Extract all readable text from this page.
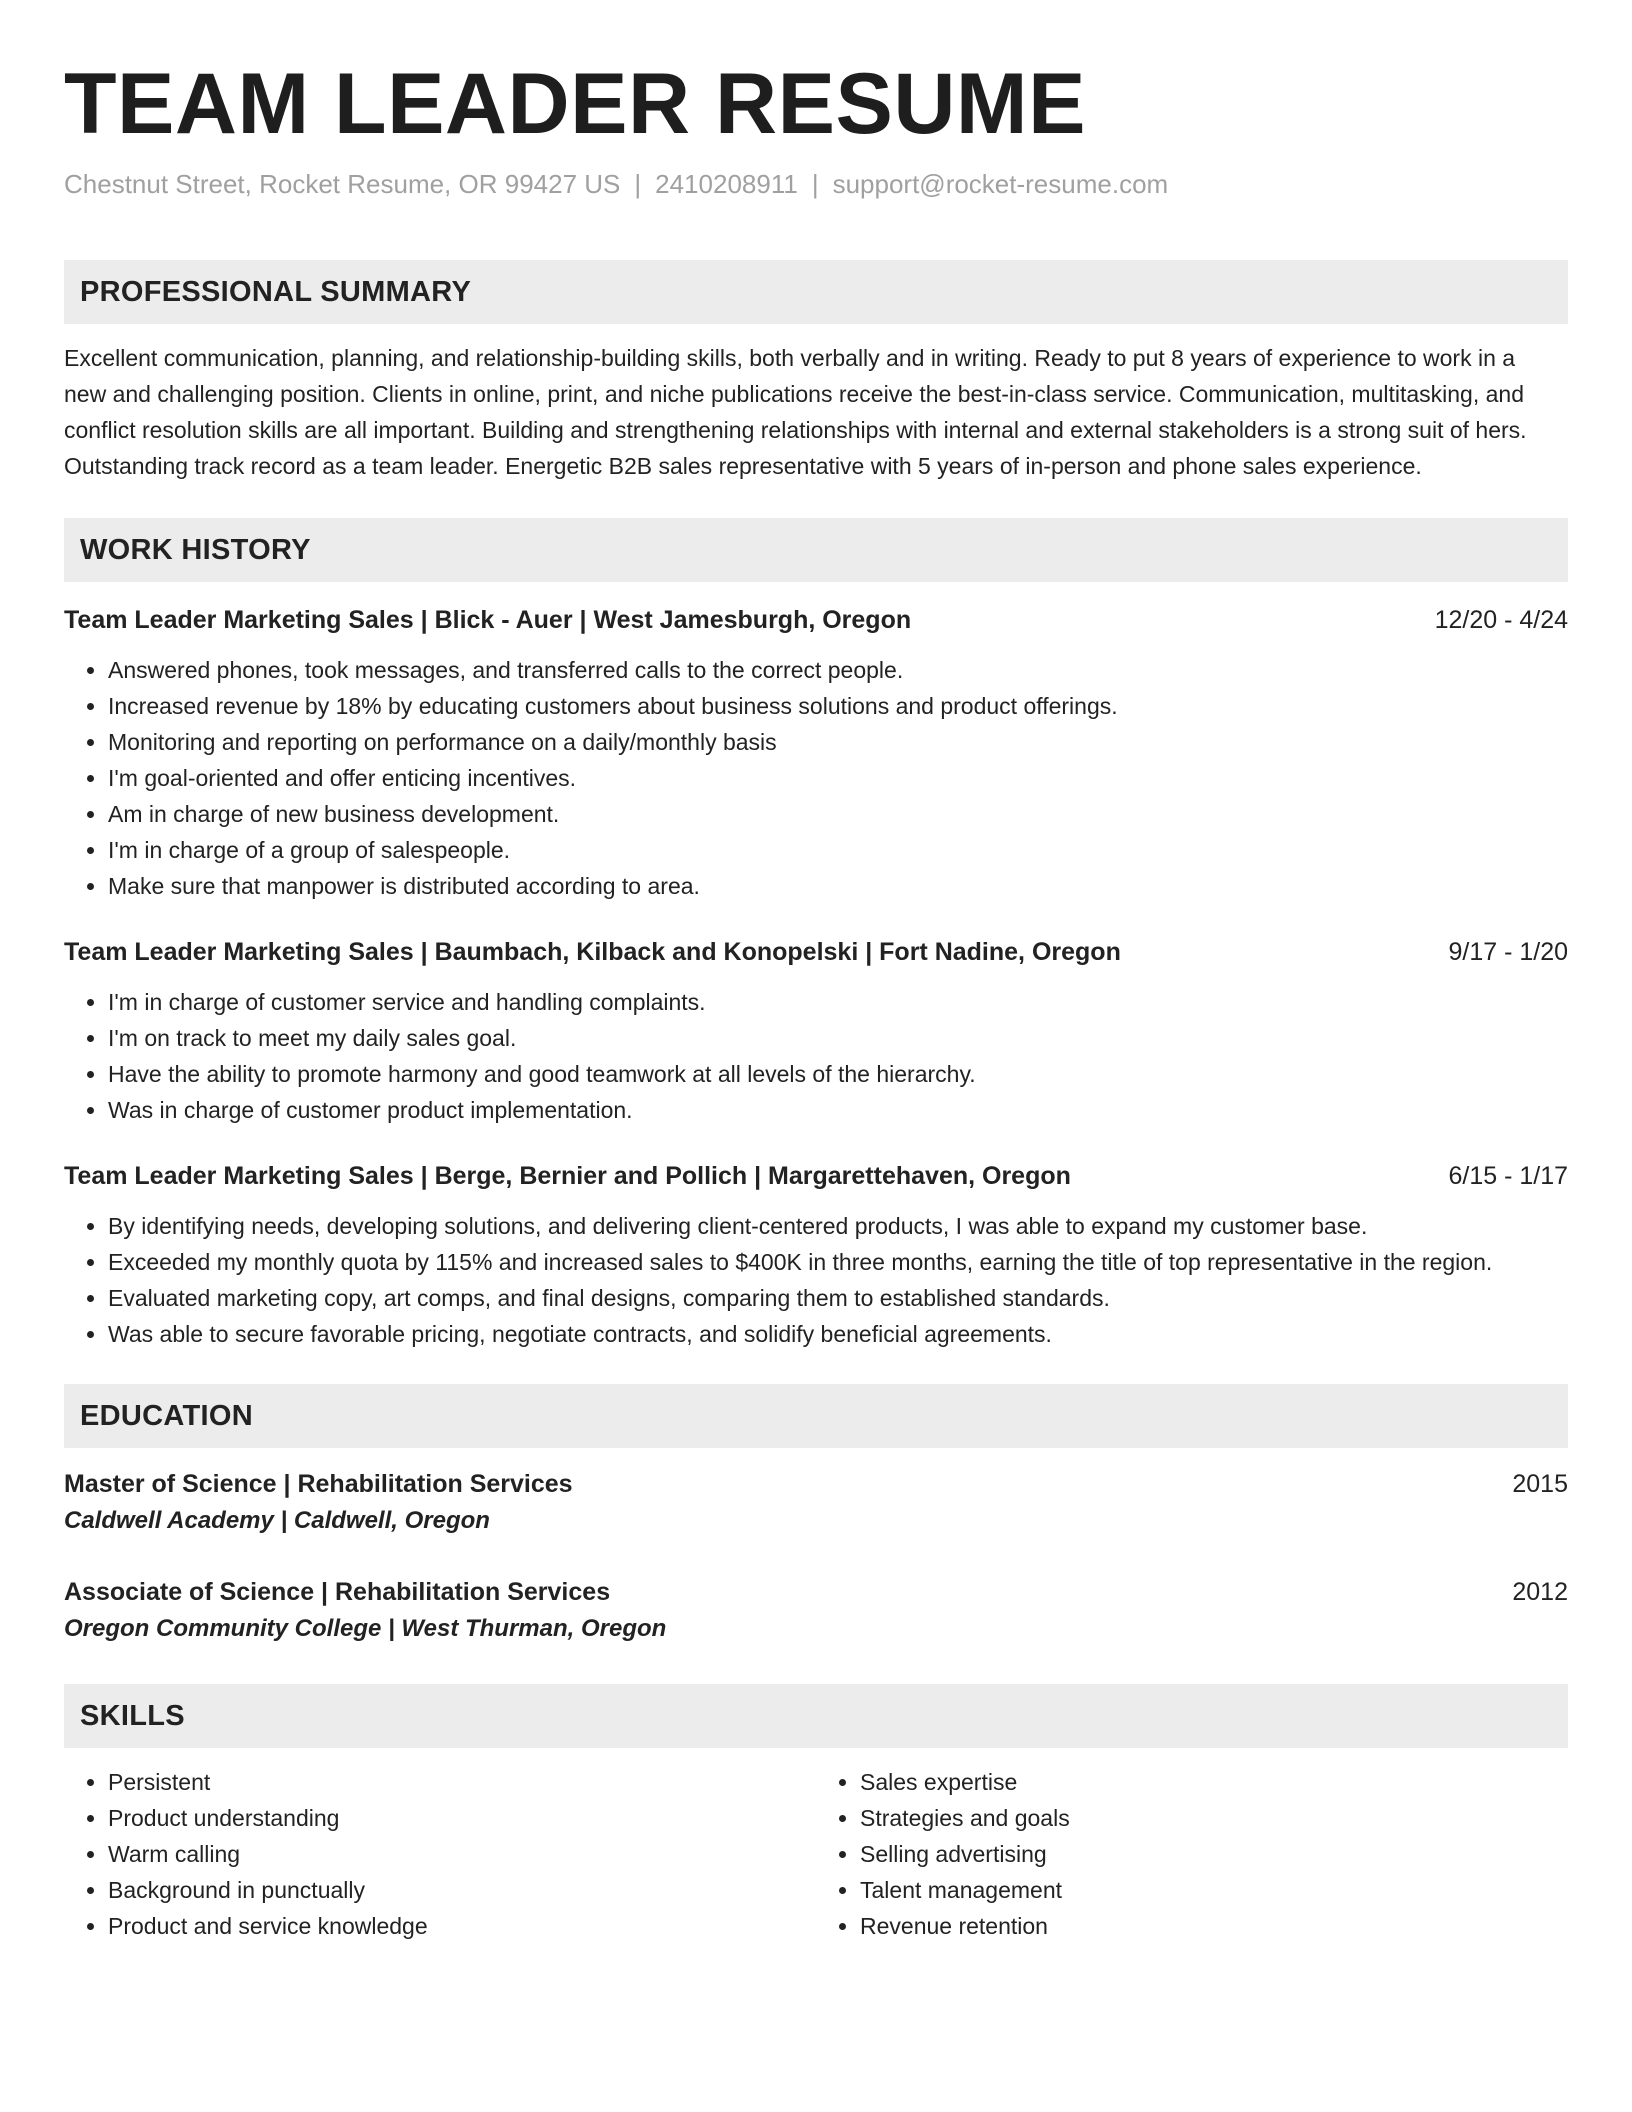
TEAM LEADER RESUME
Chestnut Street, Rocket Resume, OR 99427 US | 2410208911 | support@rocket-resume.com
PROFESSIONAL SUMMARY
Excellent communication, planning, and relationship-building skills, both verbally and in writing. Ready to put 8 years of experience to work in a new and challenging position. Clients in online, print, and niche publications receive the best-in-class service. Communication, multitasking, and conflict resolution skills are all important. Building and strengthening relationships with internal and external stakeholders is a strong suit of hers. Outstanding track record as a team leader. Energetic B2B sales representative with 5 years of in-person and phone sales experience.
WORK HISTORY
Team Leader Marketing Sales | Blick - Auer | West Jamesburgh, Oregon	12/20 - 4/24
• Answered phones, took messages, and transferred calls to the correct people.
• Increased revenue by 18% by educating customers about business solutions and product offerings.
• Monitoring and reporting on performance on a daily/monthly basis
• I'm goal-oriented and offer enticing incentives.
• Am in charge of new business development.
• I'm in charge of a group of salespeople.
• Make sure that manpower is distributed according to area.
Team Leader Marketing Sales | Baumbach, Kilback and Konopelski | Fort Nadine, Oregon	9/17 - 1/20
• I'm in charge of customer service and handling complaints.
• I'm on track to meet my daily sales goal.
• Have the ability to promote harmony and good teamwork at all levels of the hierarchy.
• Was in charge of customer product implementation.
Team Leader Marketing Sales | Berge, Bernier and Pollich | Margarettehaven, Oregon	6/15 - 1/17
• By identifying needs, developing solutions, and delivering client-centered products, I was able to expand my customer base.
• Exceeded my monthly quota by 115% and increased sales to $400K in three months, earning the title of top representative in the region.
• Evaluated marketing copy, art comps, and final designs, comparing them to established standards.
• Was able to secure favorable pricing, negotiate contracts, and solidify beneficial agreements.
EDUCATION
Master of Science | Rehabilitation Services	2015
Caldwell Academy | Caldwell, Oregon
Associate of Science | Rehabilitation Services	2012
Oregon Community College | West Thurman, Oregon
SKILLS
• Persistent
• Product understanding
• Warm calling
• Background in punctually
• Product and service knowledge
• Sales expertise
• Strategies and goals
• Selling advertising
• Talent management
• Revenue retention
